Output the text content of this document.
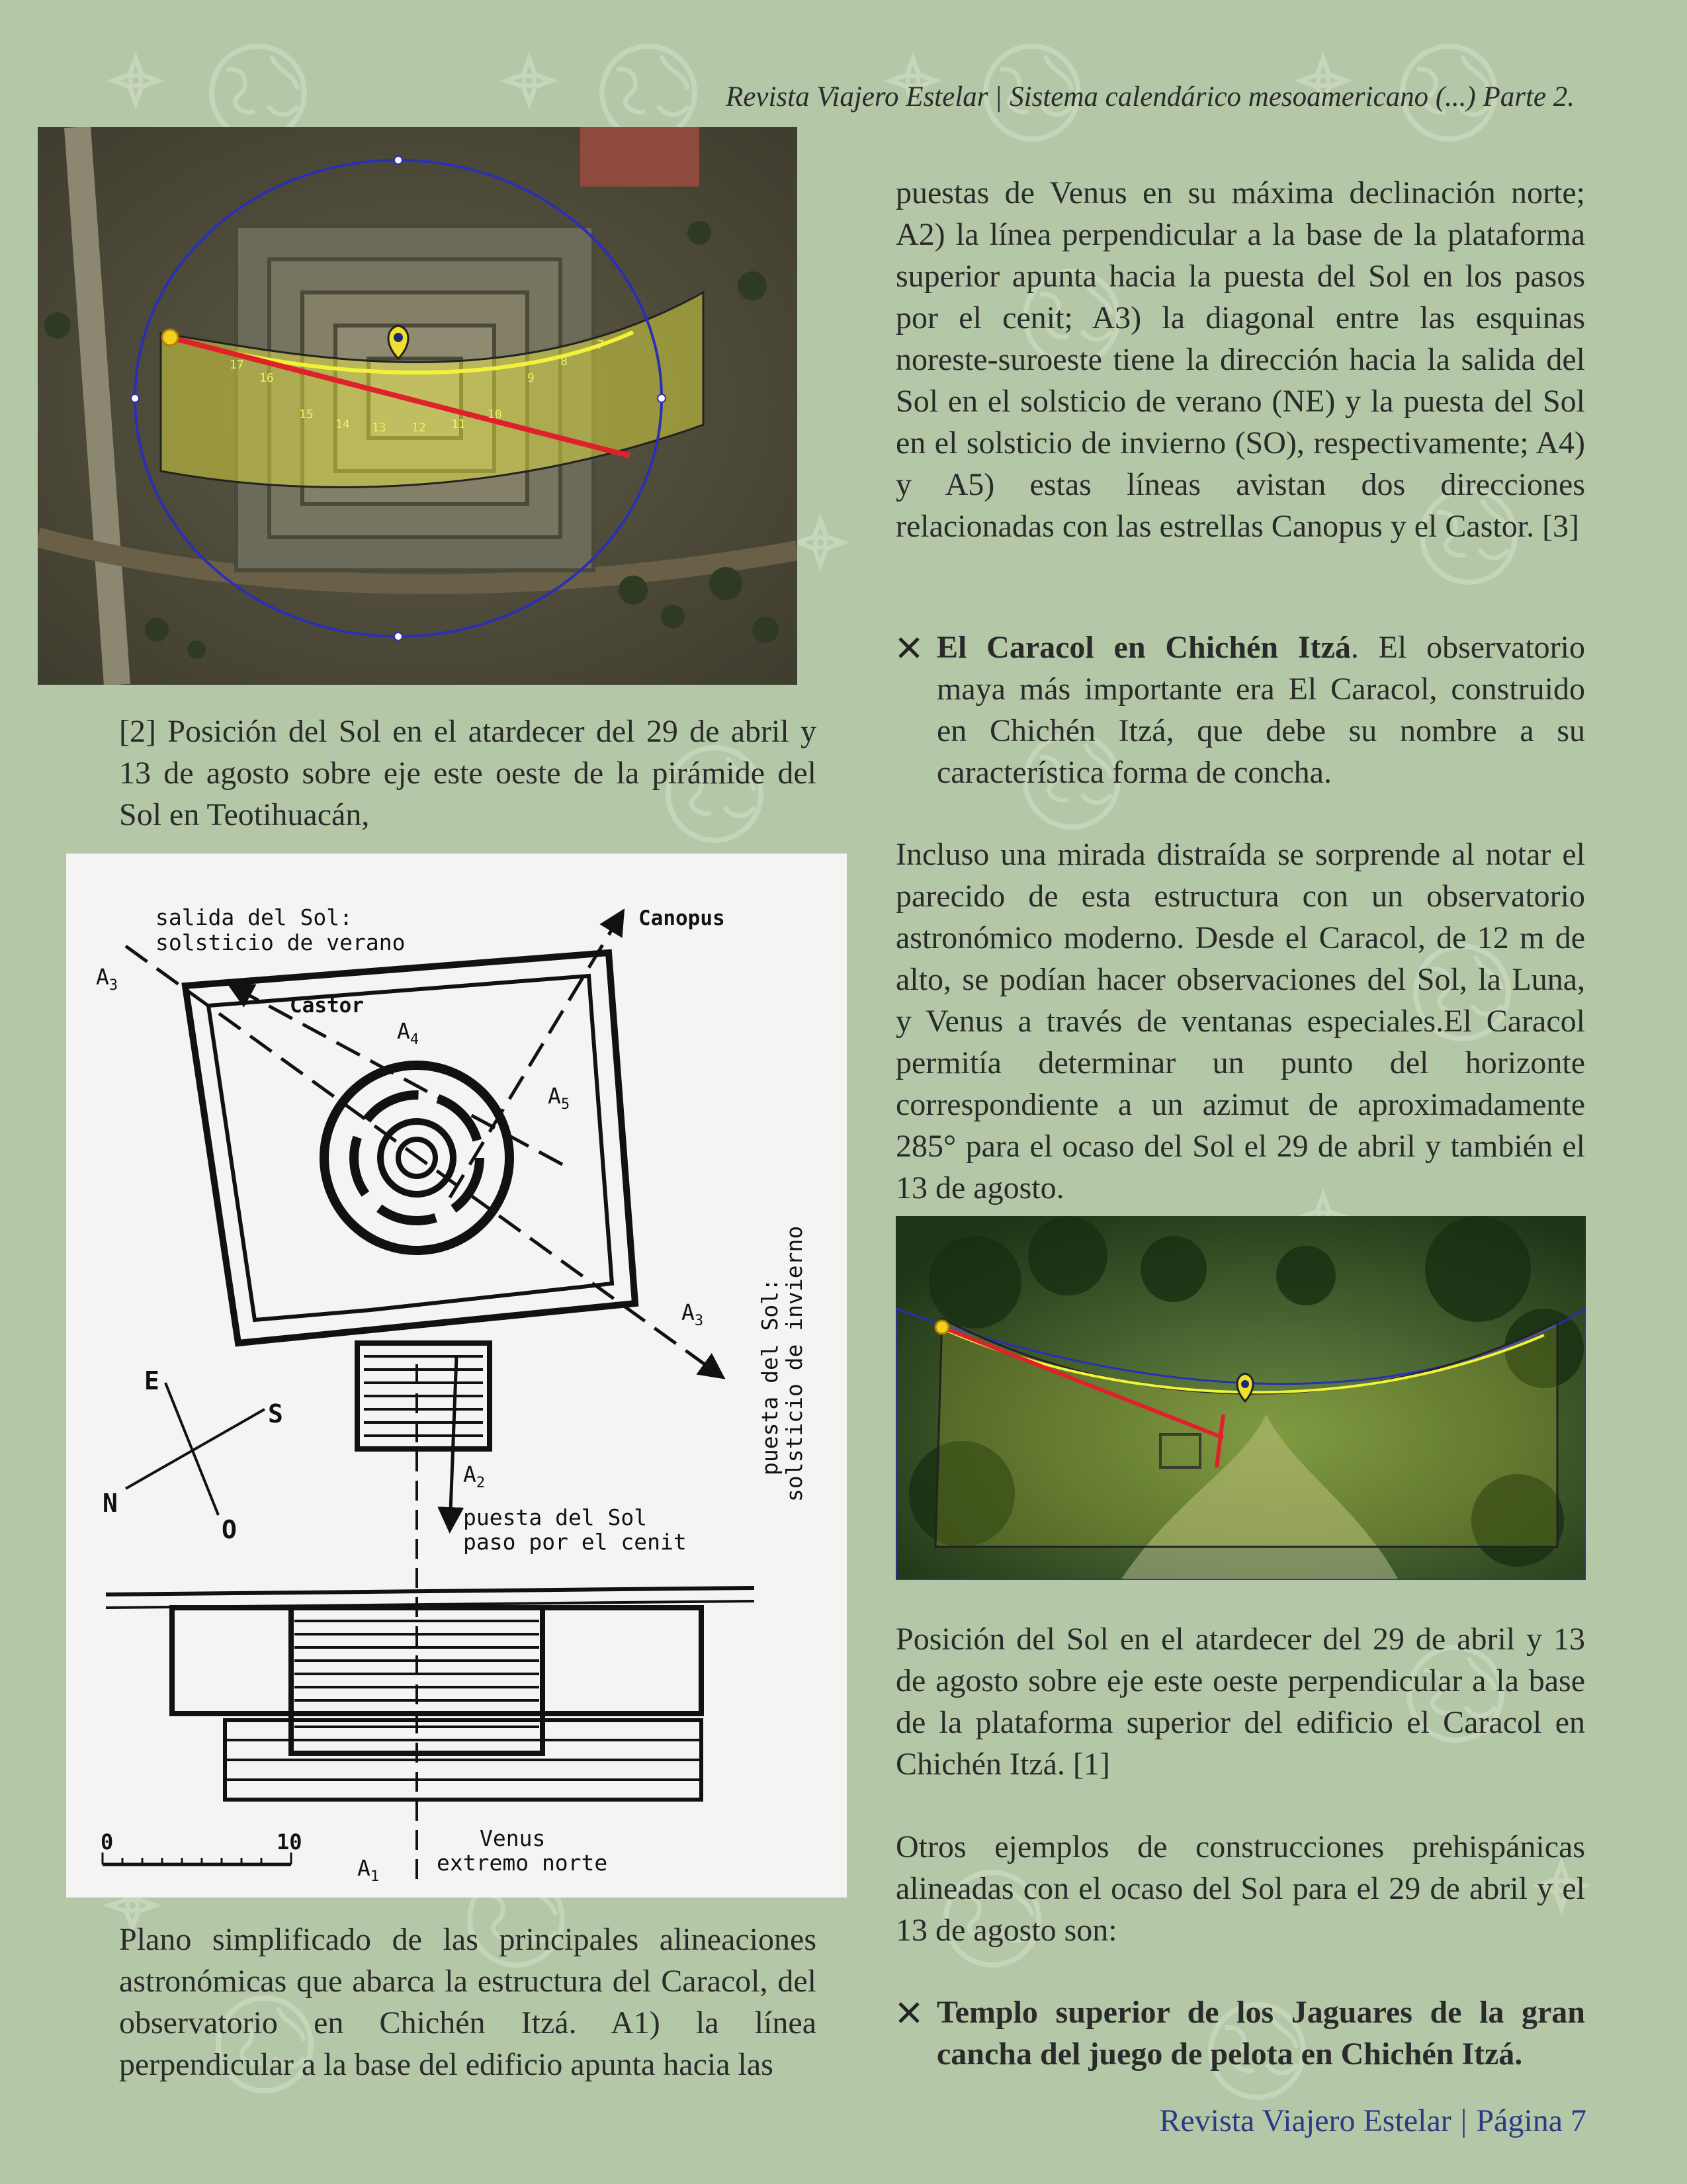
Revista Viajero Estelar | Sistema calendárico mesoamericano (...) Parte 2.
17
16
15
14 13 12 11
10
9
8
7
[2] Posición del Sol en el atardecer del 29 de abril y 13 de agosto sobre eje este oeste de la pirámide del Sol en Teotihuacán,
salida del Sol:
solsticio de verano
Canopus
Castor
$A_3$
$A_4$
$A_5$
$A_3$
$A_2$
$A_1$
puesta del Sol
paso por el cenit
Venus
extremo norte
puesta del Sol:
solsticio de invierno
E
S
N
O
0	10
Plano simplificado de las principales alineaciones astronómicas que abarca la estructura del Caracol, del observatorio en Chichén Itzá. A1) la línea perpendicular a la base del edificio apunta hacia las

puestas de Venus en su máxima declinación norte; A2) la línea perpendicular a la base de la plataforma superior apunta hacia la puesta del Sol en los pasos por el cenit; A3) la diagonal entre las esquinas noreste-suroeste tiene la dirección hacia la salida del Sol en el solsticio de verano (NE) y la puesta del Sol en el solsticio de invierno (SO), respectivamente; A4) y A5) estas líneas avistan dos direcciones relacionadas con las estrellas Canopus y el Castor. [3]

El Caracol en Chichén Itzá. El observatorio maya más importante era El Caracol, construido en Chichén Itzá, que debe su nombre a su característica forma de concha.

Incluso una mirada distraída se sorprende al notar el parecido de esta estructura con un observatorio astronómico moderno. Desde el Caracol, de 12 m de alto, se podían hacer observaciones del Sol, la Luna, y Venus a través de ventanas especiales.El Caracol permitía determinar un punto del horizonte correspondiente a un azimut de aproximadamente 285° para el ocaso del Sol el 29 de abril y también el 13 de agosto.

Posición del Sol en el atardecer del 29 de abril y 13 de agosto sobre eje este oeste perpendicular a la base de la plataforma superior del edificio el Caracol en Chichén Itzá. [1]

Otros ejemplos de construcciones prehispánicas alineadas con el ocaso del Sol para el 29 de abril y el 13 de agosto son:

Templo superior de los Jaguares de la gran cancha del juego de pelota en Chichén Itzá.
Revista Viajero Estelar | Página 7
